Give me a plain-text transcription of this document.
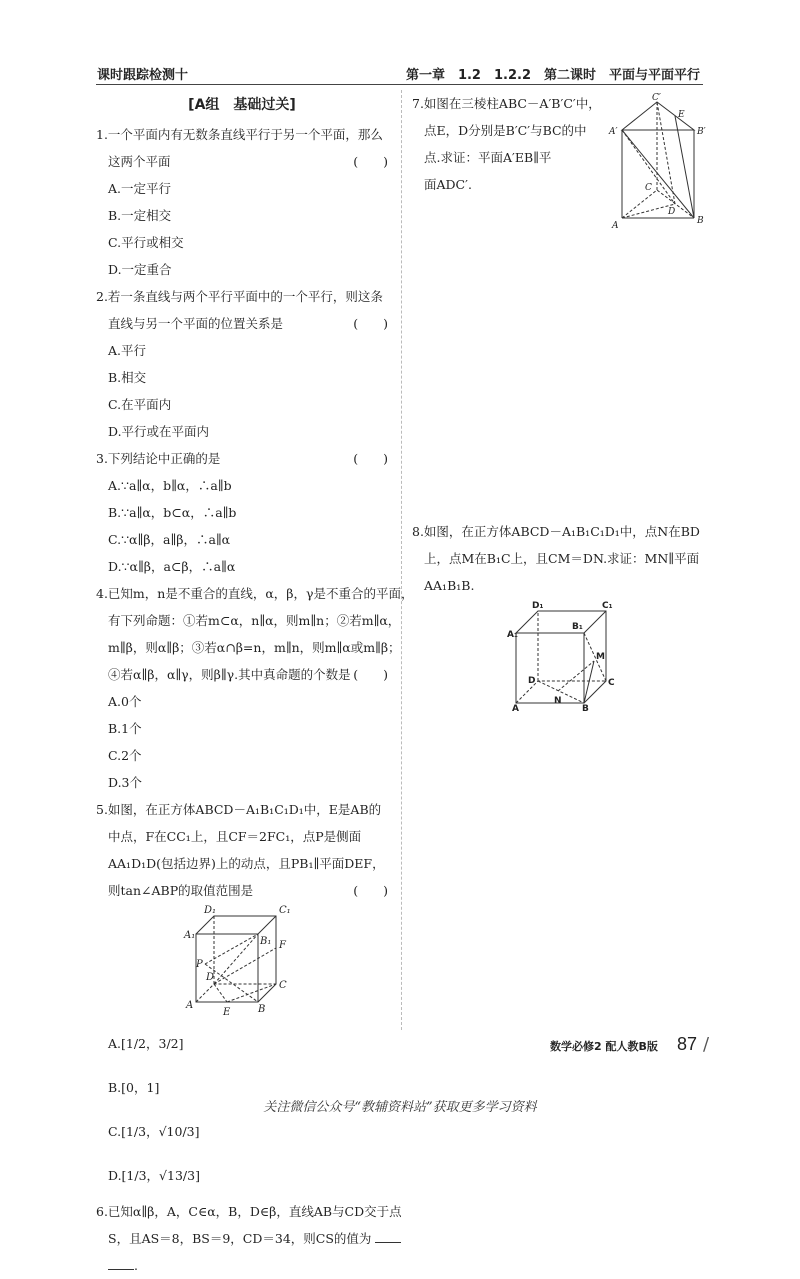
课时跟踪检测十	第一章　1.2　1.2.2　第二课时　平面与平面平行
[A组　基础过关]
1.一个平面内有无数条直线平行于另一个平面，那么
这两个平面	(　　)
A.一定平行
B.一定相交
C.平行或相交
D.一定重合
2.若一条直线与两个平行平面中的一个平行，则这条
直线与另一个平面的位置关系是	(　　)
A.平行
B.相交
C.在平面内
D.平行或在平面内
3.下列结论中正确的是	(　　)
A.∵a∥α，b∥α，∴a∥b
B.∵a∥α，b⊂α，∴a∥b
C.∵α∥β，a∥β，∴a∥α
D.∵α∥β，a⊂β，∴a∥α
4.已知m，n是不重合的直线，α，β，γ是不重合的平面，
有下列命题：①若m⊂α，n∥α，则m∥n；②若m∥α，
m∥β，则α∥β；③若α∩β=n，m∥n，则m∥α或m∥β；
④若α∥β，α∥γ，则β∥γ.其中真命题的个数是 (　　)
A.0个
B.1个
C.2个
D.3个
5.如图，在正方体ABCD－A₁B₁C₁D₁中，E是AB的
中点，F在CC₁上，且CF＝2FC₁，点P是侧面
AA₁D₁D(包括边界)上的动点，且PB₁∥平面DEF，
则tan∠ABP的取值范围是	(　　)
D₁	C₁
A₁
B₁ F
P
D
C
A
E	B
A.[1/2，3/2]
B.[0，1]
C.[1/3，√10/3]
D.[1/3，√13/3]
6.已知α∥β，A，C∈α，B，D∈β，直线AB与CD交于点
S，且AS＝8，BS＝9，CD＝34，则CS的值为
.
7.如图在三棱柱ABC－A′B′C′中，
点E，D分别是B′C′与BC的中
点.求证：平面A′EB∥平
面ADC′.
C′
E
A′	B′
C
D
A	B
8.如图，在正方体ABCD－A₁B₁C₁D₁中，点N在BD
上，点M在B₁C上，且CM＝DN.求证：MN∥平面
AA₁B₁B.
D₁	C₁
A₁
B₁
M
D	C
N
A	B
数学必修2 配人教B版 87 /
关注微信公众号“教辅资料站”获取更多学习资料
